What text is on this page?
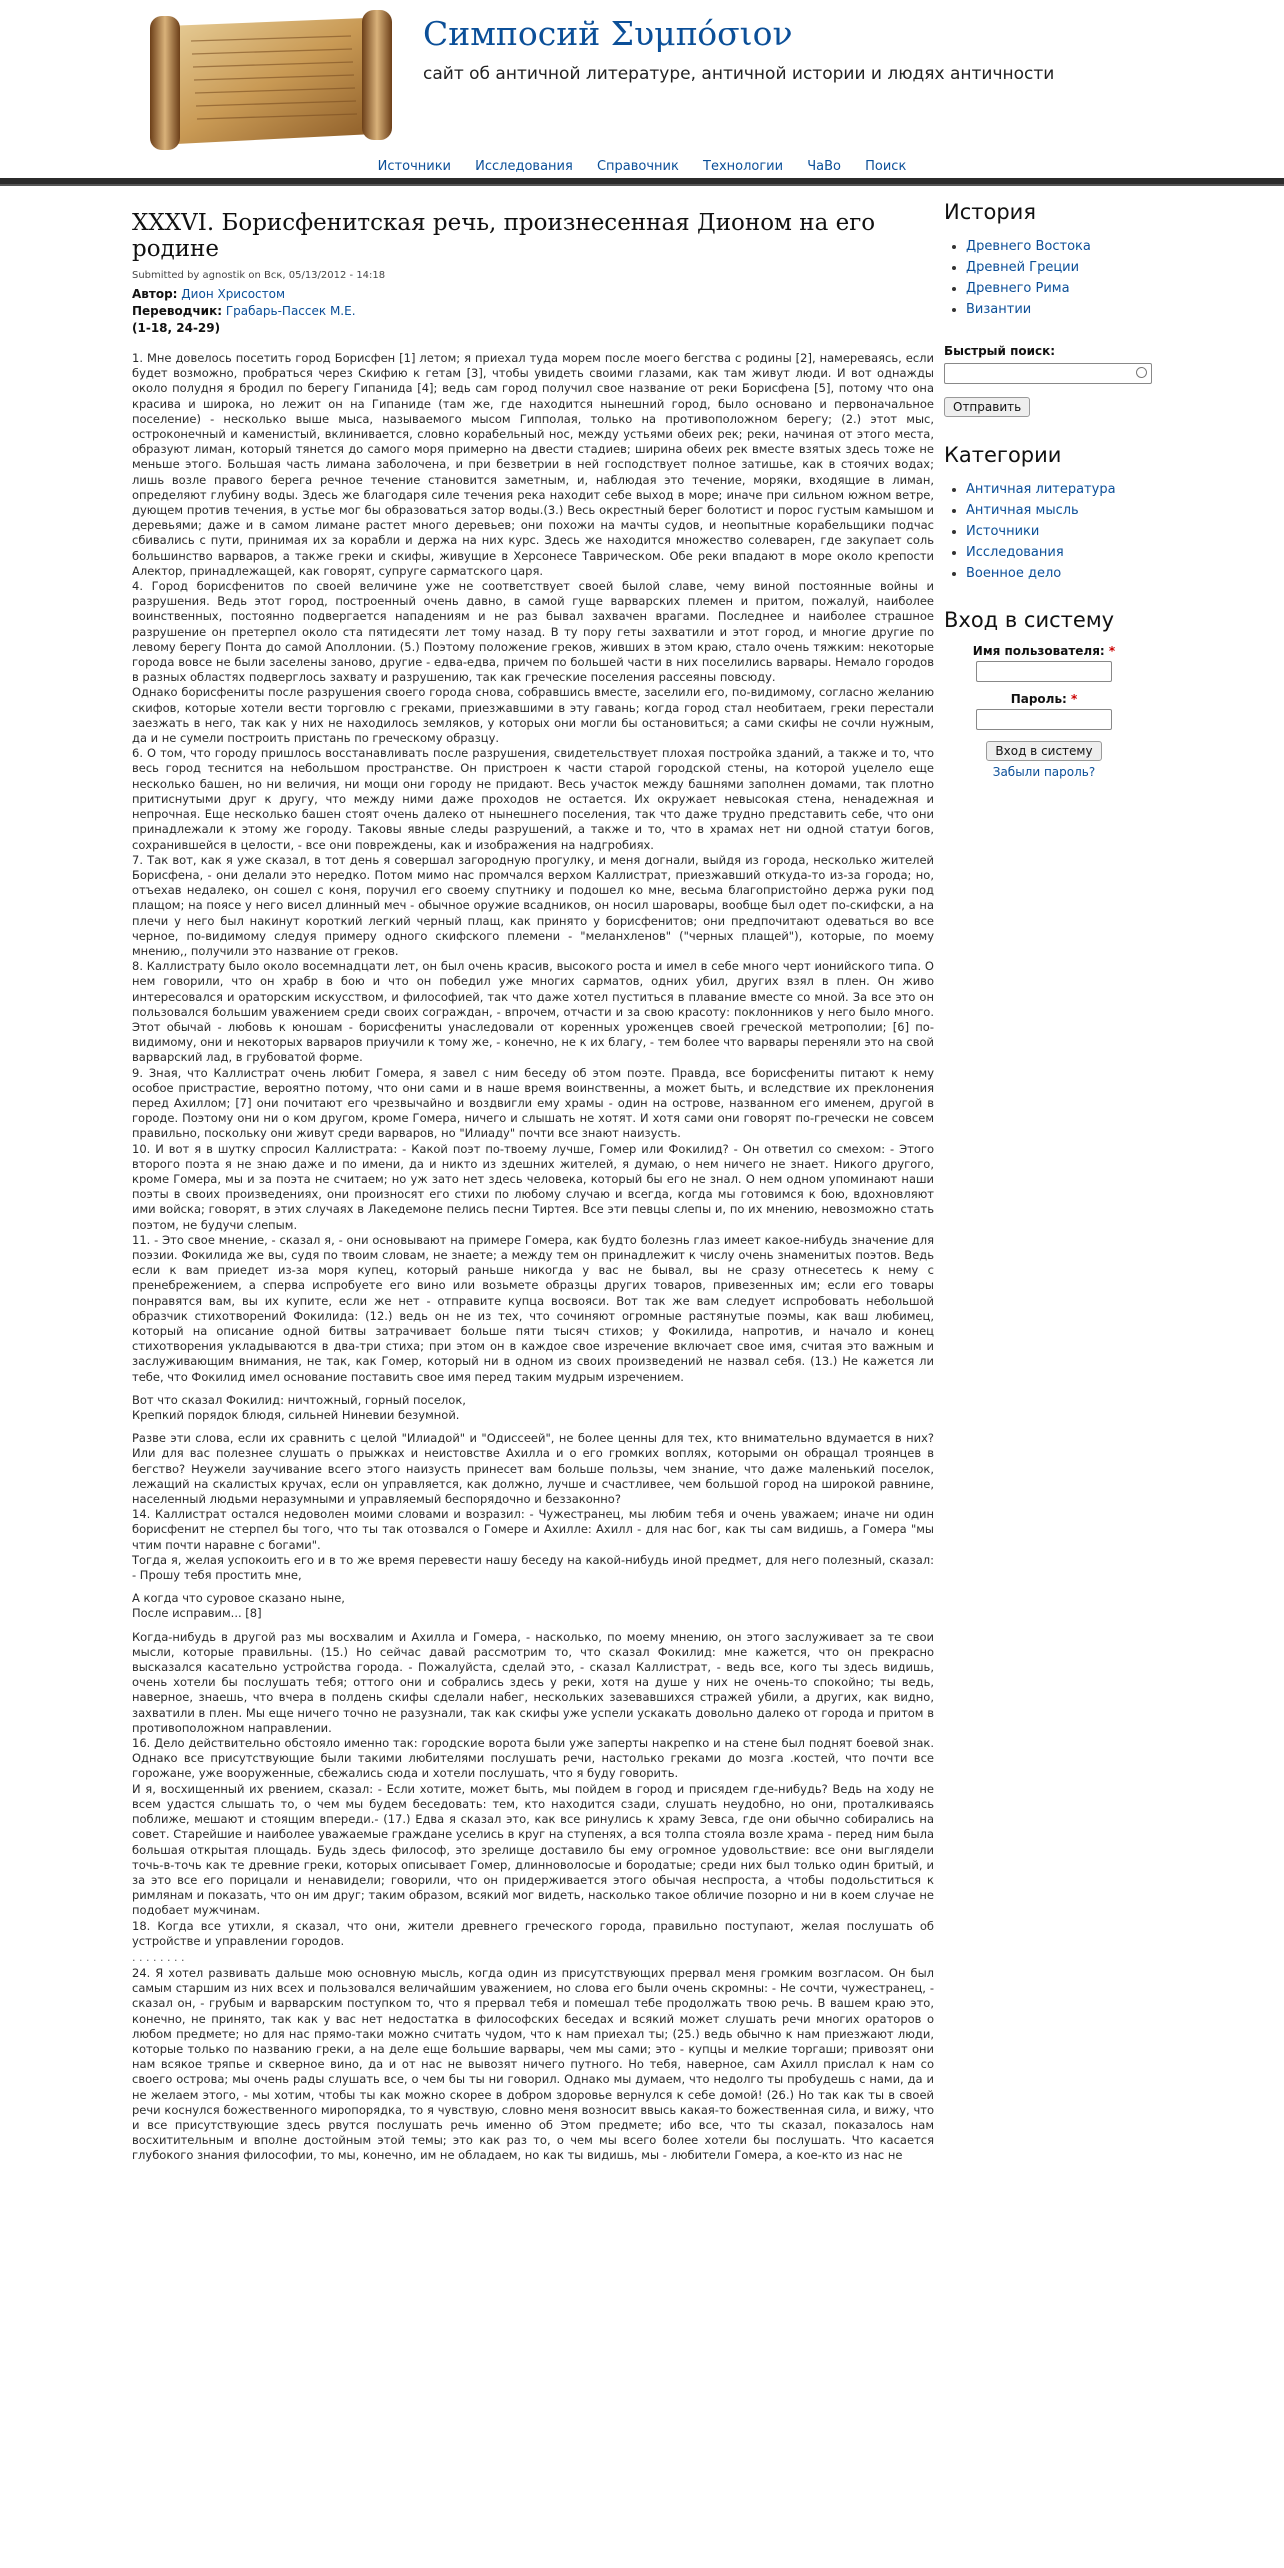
Симпосий Συμπόσιον

сайт об античной литературе, античной истории и людях античности

Источники Исследования Справочник Технологии ЧаВо Поиск
XXXVI. Борисфенитская речь, произнесенная Дионом на его родине
Submitted by agnostik on Вск, 05/13/2012 - 14:18
Автор: Дион Хрисостом
Переводчик: Грабарь-Пассек М.Е.
(1-18, 24-29)

1. Мне довелось посетить город Борисфен [1] летом; я приехал туда морем после моего бегства с родины [2], намереваясь, если будет возможно, пробраться через Скифию к гетам [3], чтобы увидеть своими глазами, как там живут люди. И вот однажды около полудня я бродил по берегу Гипанида [4]; ведь сам город получил свое название от реки Борисфена [5], потому что она красива и широка, но лежит он на Гипаниде (там же, где находится нынешний город, было основано и первоначальное поселение) - несколько выше мыса, называемого мысом Гипполая, только на противоположном берегу; (2.) этот мыс, остроконечный и каменистый, вклинивается, словно корабельный нос, между устьями обеих рек; реки, начиная от этого места, образуют лиман, который тянется до самого моря примерно на двести стадиев; ширина обеих рек вместе взятых здесь тоже не меньше этого. Большая часть лимана заболочена, и при безветрии в ней господствует полное затишье, как в стоячих водах; лишь возле правого берега речное течение становится заметным, и, наблюдая это течение, моряки, входящие в лиман, определяют глубину воды. Здесь же благодаря силе течения река находит себе выход в море; иначе при сильном южном ветре, дующем против течения, в устье мог бы образоваться затор воды.(3.) Весь окрестный берег болотист и порос густым камышом и деревьями; даже и в самом лимане растет много деревьев; они похожи на мачты судов, и неопытные корабельщики подчас сбивались с пути, принимая их за корабли и держа на них курс. Здесь же находится множество солеварен, где закупает соль большинство варваров, а также греки и скифы, живущие в Херсонесе Таврическом. Обе реки впадают в море около крепости Алектор, принадлежащей, как говорят, супруге сарматского царя.

4. Город борисфенитов по своей величине уже не соответствует своей былой славе, чему виной постоянные войны и разрушения. Ведь этот город, построенный очень давно, в самой гуще варварских племен и притом, пожалуй, наиболее воинственных, постоянно подвергается нападениям и не раз бывал захвачен врагами. Последнее и наиболее страшное разрушение он претерпел около ста пятидесяти лет тому назад. В ту пору геты захватили и этот город, и многие другие по левому берегу Понта до самой Аполлонии. (5.) Поэтому положение греков, живших в этом краю, стало очень тяжким: некоторые города вовсе не были заселены заново, другие - едва-едва, причем по большей части в них поселились варвары. Немало городов в разных областях подверглось захвату и разрушению, так как греческие поселения рассеяны повсюду.

Однако борисфениты после разрушения своего города снова, собравшись вместе, заселили его, по-видимому, согласно желанию скифов, которые хотели вести торговлю с греками, приезжавшими в эту гавань; когда город стал необитаем, греки перестали заезжать в него, так как у них не находилось земляков, у которых они могли бы остановиться; а сами скифы не сочли нужным, да и не сумели построить пристань по греческому образцу.

6. О том, что городу пришлось восстанавливать после разрушения, свидетельствует плохая постройка зданий, а также и то, что весь город теснится на небольшом пространстве. Он пристроен к части старой городской стены, на которой уцелело еще несколько башен, но ни величия, ни мощи они городу не придают. Весь участок между башнями заполнен домами, так плотно притиснутыми друг к другу, что между ними даже проходов не остается. Их окружает невысокая стена, ненадежная и непрочная. Еще несколько башен стоят очень далеко от нынешнего поселения, так что даже трудно представить себе, что они принадлежали к этому же городу. Таковы явные следы разрушений, а также и то, что в храмах нет ни одной статуи богов, сохранившейся в целости, - все они повреждены, как и изображения на надгробиях.

7. Так вот, как я уже сказал, в тот день я совершал загородную прогулку, и меня догнали, выйдя из города, несколько жителей Борисфена, - они делали это нередко. Потом мимо нас промчался верхом Каллистрат, приезжавший откуда-то из-за города; но, отъехав недалеко, он сошел с коня, поручил его своему спутнику и подошел ко мне, весьма благопристойно держа руки под плащом; на поясе у него висел длинный меч - обычное оружие всадников, он носил шаровары, вообще был одет по-скифски, а на плечи у него был накинут короткий легкий черный плащ, как принято у борисфенитов; они предпочитают одеваться во все черное, по-видимому следуя примеру одного скифского племени - "меланхленов" ("черных плащей"), которые, по моему мнению,, получили это название от греков.

8. Каллистрату было около восемнадцати лет, он был очень красив, высокого роста и имел в себе много черт ионийского типа. О нем говорили, что он храбр в бою и что он победил уже многих сарматов, одних убил, других взял в плен. Он живо интересовался и ораторским искусством, и философией, так что даже хотел пуститься в плавание вместе со мной. За все это он пользовался большим уважением среди своих сограждан, - впрочем, отчасти и за свою красоту: поклонников у него было много. Этот обычай - любовь к юношам - борисфениты унаследовали от коренных уроженцев своей греческой метрополии; [6] по-видимому, они и некоторых варваров приучили к тому же, - конечно, не к их благу, - тем более что варвары переняли это на свой варварский лад, в грубоватой форме.

9. Зная, что Каллистрат очень любит Гомера, я завел с ним беседу об этом поэте. Правда, все борисфениты питают к нему особое пристрастие, вероятно потому, что они сами и в наше время воинственны, а может быть, и вследствие их преклонения перед Ахиллом; [7] они почитают его чрезвычайно и воздвигли ему храмы - один на острове, названном его именем, другой в городе. Поэтому они ни о ком другом, кроме Гомера, ничего и слышать не хотят. И хотя сами они говорят по-гречески не совсем правильно, поскольку они живут среди варваров, но "Илиаду" почти все знают наизусть.

10. И вот я в шутку спросил Каллистрата: - Какой поэт по-твоему лучше, Гомер или Фокилид? - Он ответил со смехом: - Этого второго поэта я не знаю даже и по имени, да и никто из здешних жителей, я думаю, о нем ничего не знает. Никого другого, кроме Гомера, мы и за поэта не считаем; но уж зато нет здесь человека, который бы его не знал. О нем одном упоминают наши поэты в своих произведениях, они произносят его стихи по любому случаю и всегда, когда мы готовимся к бою, вдохновляют ими войска; говорят, в этих случаях в Лакедемоне пелись песни Тиртея. Все эти певцы слепы и, по их мнению, невозможно стать поэтом, не будучи слепым.

11. - Это свое мнение, - сказал я, - они основывают на примере Гомера, как будто болезнь глаз имеет какое-нибудь значение для поэзии. Фокилида же вы, судя по твоим словам, не знаете; а между тем он принадлежит к числу очень знаменитых поэтов. Ведь если к вам приедет из-за моря купец, который раньше никогда у вас не бывал, вы не сразу отнесетесь к нему с пренебрежением, а сперва испробуете его вино или возьмете образцы других товаров, привезенных им; если его товары понравятся вам, вы их купите, если же нет - отправите купца восвояси. Вот так же вам следует испробовать небольшой образчик стихотворений Фокилида: (12.) ведь он не из тех, что сочиняют огромные растянутые поэмы, как ваш любимец, который на описание одной битвы затрачивает больше пяти тысяч стихов; у Фокилида, напротив, и начало и конец стихотворения укладываются в два-три стиха; при этом он в каждое свое изречение включает свое имя, считая это важным и заслуживающим внимания, не так, как Гомер, который ни в одном из своих произведений не назвал себя. (13.) Не кажется ли тебе, что Фокилид имел основание поставить свое имя перед таким мудрым изречением.

Вот что сказал Фокилид: ничтожный, горный поселок,

Крепкий порядок блюдя, сильней Ниневии безумной.

Разве эти слова, если их сравнить с целой "Илиадой" и "Одиссеей", не более ценны для тех, кто внимательно вдумается в них? Или для вас полезнее слушать о прыжках и неистовстве Ахилла и о его громких воплях, которыми он обращал троянцев в бегство? Неужели заучивание всего этого наизусть принесет вам больше пользы, чем знание, что даже маленький поселок, лежащий на скалистых кручах, если он управляется, как должно, лучше и счастливее, чем большой город на широкой равнине, населенный людьми неразумными и управляемый беспорядочно и беззаконно?

14. Каллистрат остался недоволен моими словами и возразил: - Чужестранец, мы любим тебя и очень уважаем; иначе ни один борисфенит не стерпел бы того, что ты так отозвался о Гомере и Ахилле: Ахилл - для нас бог, как ты сам видишь, а Гомера "мы чтим почти наравне с богами".

Тогда я, желая успокоить его и в то же время перевести нашу беседу на какой-нибудь иной предмет, для него полезный, сказал: - Прошу тебя простить мне,

А когда что суровое сказано ныне,

После исправим... [8]

Когда-нибудь в другой раз мы восхвалим и Ахилла и Гомера, - насколько, по моему мнению, он этого заслуживает за те свои мысли, которые правильны. (15.) Но сейчас давай рассмотрим то, что сказал Фокилид: мне кажется, что он прекрасно высказался касательно устройства города. - Пожалуйста, сделай это, - сказал Каллистрат, - ведь все, кого ты здесь видишь, очень хотели бы послушать тебя; оттого они и собрались здесь у реки, хотя на душе у них не очень-то спокойно; ты ведь, наверное, знаешь, что вчера в полдень скифы сделали набег, нескольких зазевавшихся стражей убили, а других, как видно, захватили в плен. Мы еще ничего точно не разузнали, так как скифы уже успели ускакать довольно далеко от города и притом в противоположном направлении.

16. Дело действительно обстояло именно так: городские ворота были уже заперты накрепко и на стене был поднят боевой знак. Однако все присутствующие были такими любителями послушать речи, настолько греками до мозга .костей, что почти все горожане, уже вооруженные, сбежались сюда и хотели послушать, что я буду говорить.

И я, восхищенный их рвением, сказал: - Если хотите, может быть, мы пойдем в город и присядем где-нибудь? Ведь на ходу не всем удастся слышать то, о чем мы будем беседовать: тем, кто находится сзади, слушать неудобно, но они, проталкиваясь поближе, мешают и стоящим впереди.- (17.) Едва я сказал это, как все ринулись к храму Зевса, где они обычно собирались на совет. Старейшие и наиболее уважаемые граждане уселись в круг на ступенях, а вся толпа стояла возле храма - перед ним была большая открытая площадь. Будь здесь философ, это зрелище доставило бы ему огромное удовольствие: все они выглядели точь-в-точь как те древние греки, которых описывает Гомер, длинноволосые и бородатые; среди них был только один бритый, и за это все его порицали и ненавидели; говорили, что он придерживается этого обычая неспроста, а чтобы подольститься к римлянам и показать, что он им друг; таким образом, всякий мог видеть, насколько такое обличие позорно и ни в коем случае не подобает мужчинам.

18. Когда все утихли, я сказал, что они, жители древнего греческого города, правильно поступают, желая послушать об устройстве и управлении городов.

. . . . . . . .

24. Я хотел развивать дальше мою основную мысль, когда один из присутствующих прервал меня громким возгласом. Он был самым старшим из них всех и пользовался величайшим уважением, но слова его были очень скромны: - Не сочти, чужестранец, - сказал он, - грубым и варварским поступком то, что я прервал тебя и помешал тебе продолжать твою речь. В вашем краю это, конечно, не принято, так как у вас нет недостатка в философских беседах и всякий может слушать речи многих ораторов о любом предмете; но для нас прямо-таки можно считать чудом, что к нам приехал ты; (25.) ведь обычно к нам приезжают люди, которые только по названию греки, а на деле еще большие варвары, чем мы сами; это - купцы и мелкие торгаши; привозят они нам всякое тряпье и скверное вино, да и от нас не вывозят ничего путного. Но тебя, наверное, сам Ахилл прислал к нам со своего острова; мы очень рады слушать все, о чем бы ты ни говорил. Однако мы думаем, что недолго ты пробудешь с нами, да и не желаем этого, - мы хотим, чтобы ты как можно скорее в добром здоровье вернулся к себе домой! (26.) Но так как ты в своей речи коснулся божественного миропорядка, то я чувствую, словно меня возносит ввысь какая-то божественная сила, и вижу, что и все присутствующие здесь рвутся послушать речь именно об Этом предмете; ибо все, что ты сказал, показалось нам восхитительным и вполне достойным этой темы; это как раз то, о чем мы всего более хотели бы послушать. Что касается глубокого знания философии, то мы, конечно, им не обладаем, но как ты видишь, мы - любители Гомера, а кое-кто из нас не

История
• Древнего Востока
• Древней Греции
• Древнего Рима
• Византии
Быстрый поиск:
Отправить
Категории
• Античная литература
• Античная мысль
• Источники
• Исследования
• Военное дело
Вход в систему
Имя пользователя: *
Пароль: *
Вход в систему
Забыли пароль?
